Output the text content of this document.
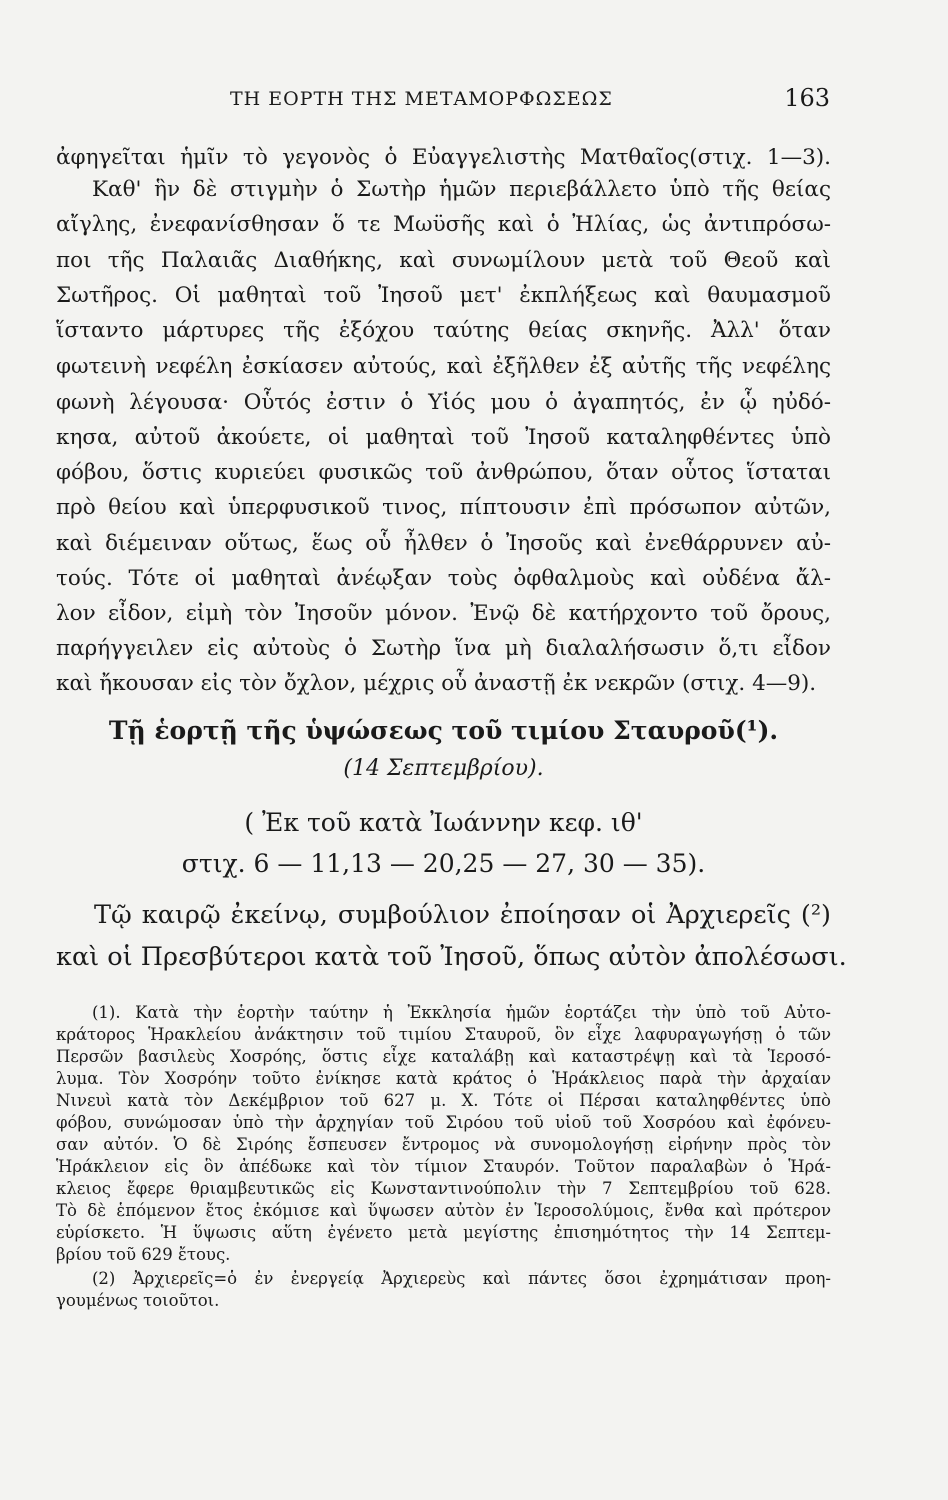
ΤΗ ΕΟΡΤΗ ΤΗΣ ΜΕΤΑΜΟΡΦΩΣΕΩΣ	163
ἀφηγεῖται ἡμῖν τὸ γεγονὸς ὁ Εὐαγγελιστὴς Ματθαῖος(στιχ. 1—3).
Καθ' ἣν δὲ στιγμὴν ὁ Σωτὴρ ἡμῶν περιεβάλλετο ὑπὸ τῆς θείας
αἴγλης, ἐνεφανίσθησαν ὅ τε Μωϋσῆς καὶ ὁ Ἠλίας, ὡς ἀντιπρόσω-
ποι τῆς Παλαιᾶς Διαθήκης, καὶ συνωμίλουν μετὰ τοῦ Θεοῦ καὶ
Σωτῆρος. Οἱ μαθηταὶ τοῦ Ἰησοῦ μετ' ἐκπλήξεως καὶ θαυμασμοῦ
ἵσταντο μάρτυρες τῆς ἐξόχου ταύτης θείας σκηνῆς. Ἀλλ' ὅταν
φωτεινὴ νεφέλη ἐσκίασεν αὐτούς, καὶ ἐξῆλθεν ἐξ αὐτῆς τῆς νεφέλης
φωνὴ λέγουσα· Οὗτός ἐστιν ὁ Υἱός μου ὁ ἀγαπητός, ἐν ᾧ ηὐδό-
κησα, αὐτοῦ ἀκούετε, οἱ μαθηταὶ τοῦ Ἰησοῦ καταληφθέντες ὑπὸ
φόβου, ὅστις κυριεύει φυσικῶς τοῦ ἀνθρώπου, ὅταν οὗτος ἵσταται
πρὸ θείου καὶ ὑπερφυσικοῦ τινος, πίπτουσιν ἐπὶ πρόσωπον αὐτῶν,
καὶ διέμειναν οὕτως, ἕως οὗ ἦλθεν ὁ Ἰησοῦς καὶ ἐνεθάρρυνεν αὐ-
τούς. Τότε οἱ μαθηταὶ ἀνέῳξαν τοὺς ὀφθαλμοὺς καὶ οὐδένα ἄλ-
λον εἶδον, εἰμὴ τὸν Ἰησοῦν μόνον. Ἐνῷ δὲ κατήρχοντο τοῦ ὄρους,
παρήγγειλεν εἰς αὐτοὺς ὁ Σωτὴρ ἵνα μὴ διαλαλήσωσιν ὅ,τι εἶδον
καὶ ἤκουσαν εἰς τὸν ὄχλον, μέχρις οὗ ἀναστῇ ἐκ νεκρῶν (στιχ. 4—9).
Τῇ ἑορτῇ τῆς ὑψώσεως τοῦ τιμίου Σταυροῦ(¹).
(14 Σεπτεμβρίου).
( Ἐκ τοῦ κατὰ Ἰωάννην κεφ. ιθ'
στιχ. 6 — 11,13 — 20,25 — 27, 30 — 35).
Τῷ καιρῷ ἐκείνῳ, συμβούλιον ἐποίησαν οἱ Ἀρχιερεῖς (²)
καὶ οἱ Πρεσβύτεροι κατὰ τοῦ Ἰησοῦ, ὅπως αὐτὸν ἀπολέσωσι.
(1). Κατὰ τὴν ἑορτὴν ταύτην ἡ Ἐκκλησία ἡμῶν ἑορτάζει τὴν ὑπὸ τοῦ Αὐτο-
κράτορος Ἡρακλείου ἀνάκτησιν τοῦ τιμίου Σταυροῦ, ὃν εἶχε λαφυραγωγήσῃ ὁ τῶν
Περσῶν βασιλεὺς Χοσρόης, ὅστις εἶχε καταλάβῃ καὶ καταστρέψῃ καὶ τὰ Ἱεροσό-
λυμα. Τὸν Χοσρόην τοῦτο ἐνίκησε κατὰ κράτος ὁ Ἡράκλειος παρὰ τὴν ἀρχαίαν
Νινευὶ κατὰ τὸν Δεκέμβριον τοῦ 627 μ. Χ. Τότε οἱ Πέρσαι καταληφθέντες ὑπὸ
φόβου, συνώμοσαν ὑπὸ τὴν ἀρχηγίαν τοῦ Σιρόου τοῦ υἱοῦ τοῦ Χοσρόου καὶ ἐφόνευ-
σαν αὐτόν. Ὁ δὲ Σιρόης ἔσπευσεν ἔντρομος νὰ συνομολογήσῃ εἰρήνην πρὸς τὸν
Ἡράκλειον εἰς ὃν ἀπέδωκε καὶ τὸν τίμιον Σταυρόν. Τοῦτον παραλαβὼν ὁ Ἡρά-
κλειος ἔφερε θριαμβευτικῶς εἰς Κωνσταντινούπολιν τὴν 7 Σεπτεμβρίου τοῦ 628.
Τὸ δὲ ἑπόμενον ἔτος ἐκόμισε καὶ ὕψωσεν αὐτὸν ἐν Ἱεροσολύμοις, ἔνθα καὶ πρότερον
εὑρίσκετο. Ἡ ὕψωσις αὕτη ἐγένετο μετὰ μεγίστης ἐπισημότητος τὴν 14 Σεπτεμ-
βρίου τοῦ 629 ἔτους.
(2) Ἀρχιερεῖς=ὁ ἐν ἐνεργείᾳ Ἀρχιερεὺς καὶ πάντες ὅσοι ἐχρημάτισαν προη-
γουμένως τοιοῦτοι.
